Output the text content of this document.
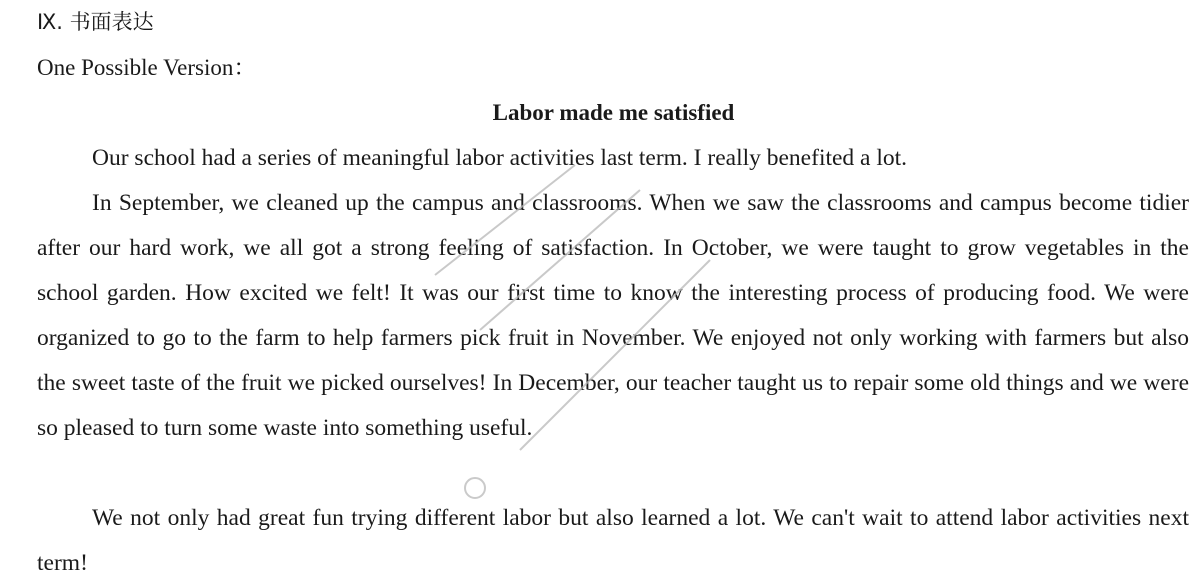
Ⅸ. 书面表达
One Possible Version：
Labor made me satisfied

Our school had a series of meaningful labor activities last term. I really benefited a lot.

In September, we cleaned up the campus and classrooms. When we saw the classrooms and campus become tidier after our hard work, we all got a strong feeling of satisfaction. In October, we were taught to grow vegetables in the school garden. How excited we felt! It was our first time to know the interesting process of producing food. We were organized to go to the farm to help farmers pick fruit in November. We enjoyed not only working with farmers but also the sweet taste of the fruit we picked ourselves! In December, our teacher taught us to repair some old things and we were so pleased to turn some waste into something useful.

We not only had great fun trying different labor but also learned a lot. We can't wait to attend labor activities next term!
